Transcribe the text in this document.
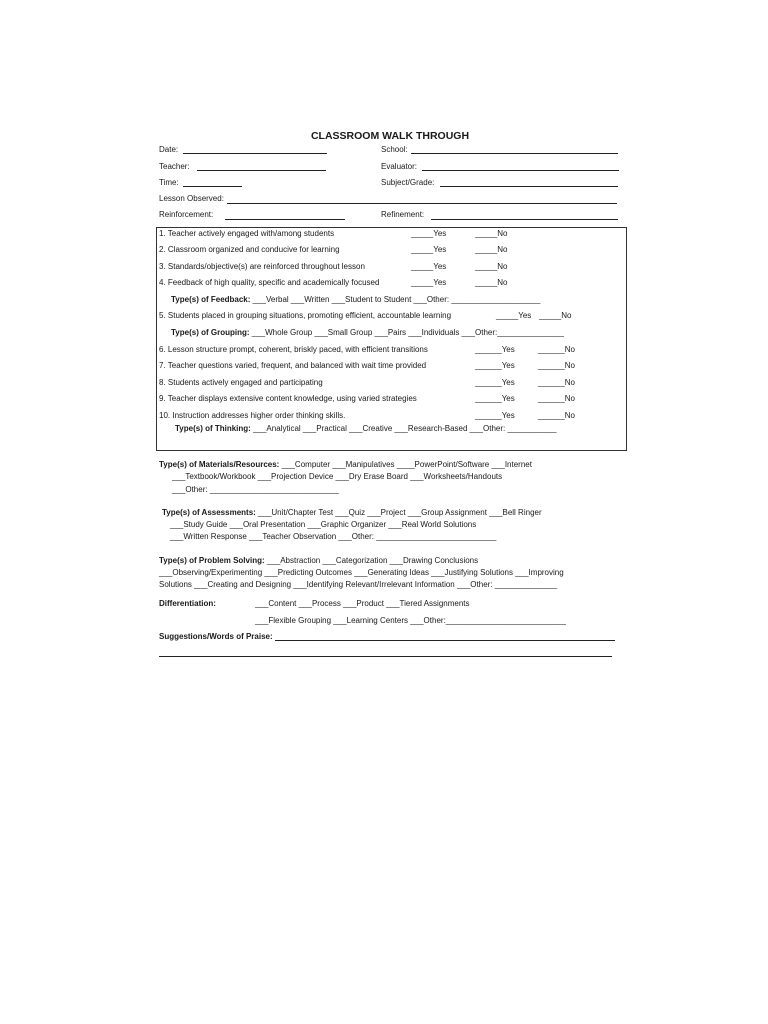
CLASSROOM WALK THROUGH
Date:	School:
Teacher:	Evaluator:
Time:	Subject/Grade:
Lesson Observed:
Reinforcement:	Refinement:
1. Teacher actively engaged with/among students	_____Yes	_____No
2. Classroom organized and conducive for learning	_____Yes	_____No
3. Standards/objective(s) are reinforced throughout lesson	_____Yes	_____No
4. Feedback of high quality, specific and academically focused	_____Yes	_____No
Type(s) of Feedback: ___Verbal ___Written ___Student to Student ___Other: ____________________
5. Students placed in grouping situations, promoting efficient, accountable learning	_____Yes _____No
Type(s) of Grouping: ___Whole Group ___Small Group ___Pairs ___Individuals ___Other:_______________
6. Lesson structure prompt, coherent, briskly paced, with efficient transitions	______Yes	______No
7. Teacher questions varied, frequent, and balanced with wait time provided	______Yes	______No
8. Students actively engaged and participating	______Yes	______No
9. Teacher displays extensive content knowledge, using varied strategies	______Yes	______No
10. Instruction addresses higher order thinking skills.	______Yes	______No
Type(s) of Thinking: ___Analytical ___Practical ___Creative ___Research-Based ___Other: ___________
Type(s) of Materials/Resources: ___Computer ___Manipulatives ____PowerPoint/Software ___Internet
___Textbook/Workbook ___Projection Device ___Dry Erase Board ___Worksheets/Handouts
___Other: _____________________________
Type(s) of Assessments: ___Unit/Chapter Test ___Quiz ___Project ___Group Assignment ___Bell Ringer
___Study Guide ___Oral Presentation ___Graphic Organizer ___Real World Solutions
___Written Response ___Teacher Observation ___Other: ___________________________
Type(s) of Problem Solving: ___Abstraction ___Categorization ___Drawing Conclusions
___Observing/Experimenting ___Predicting Outcomes ___Generating Ideas ___Justifying Solutions ___Improving
Solutions ___Creating and Designing ___Identifying Relevant/Irrelevant Information ___Other: ______________
Differentiation:	___Content ___Process ___Product ___Tiered Assignments
___Flexible Grouping ___Learning Centers ___Other:___________________________
Suggestions/Words of Praise:
